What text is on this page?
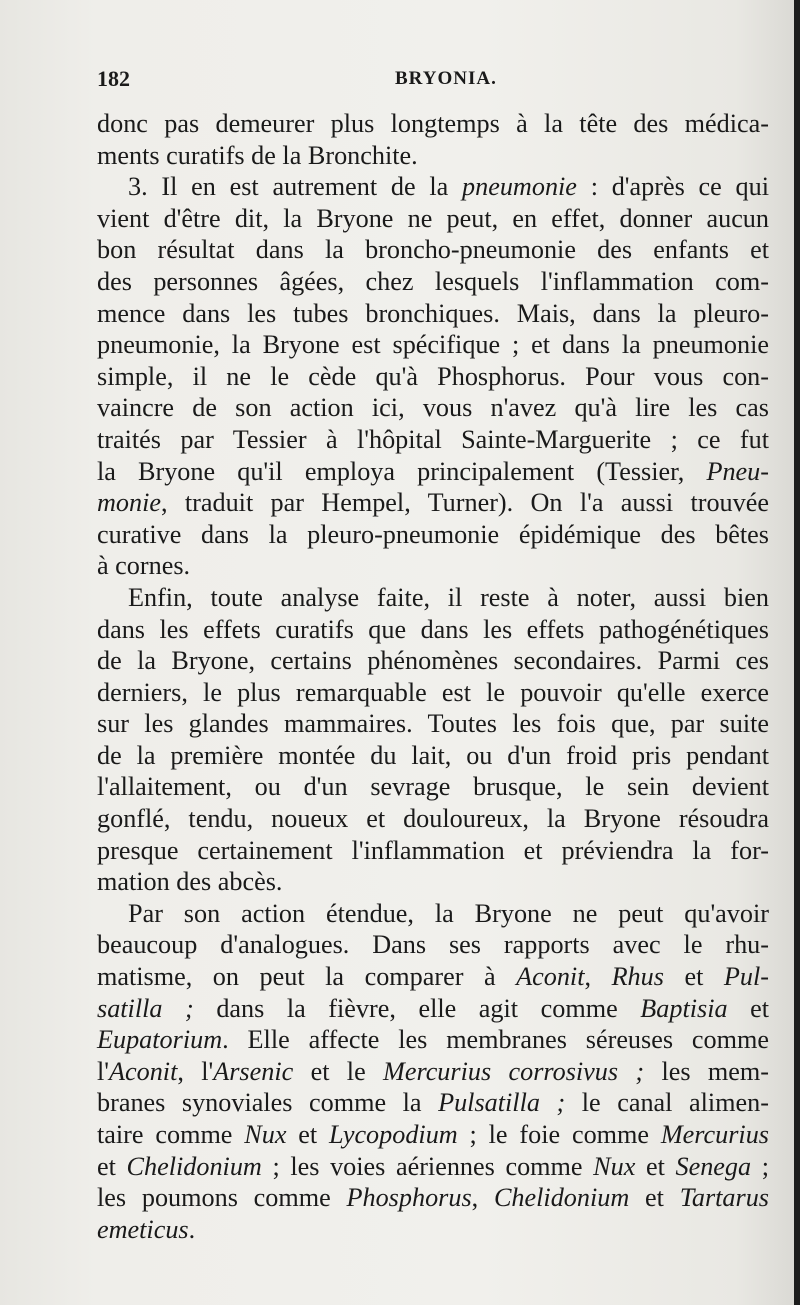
182	BRYONIA.
donc pas demeurer plus longtemps à la tête des médica-
ments curatifs de la Bronchite.
3. Il en est autrement de la pneumonie : d'après ce qui
vient d'être dit, la Bryone ne peut, en effet, donner aucun
bon résultat dans la broncho-pneumonie des enfants et
des personnes âgées, chez lesquels l'inflammation com-
mence dans les tubes bronchiques. Mais, dans la pleuro-
pneumonie, la Bryone est spécifique ; et dans la pneumonie
simple, il ne le cède qu'à Phosphorus. Pour vous con-
vaincre de son action ici, vous n'avez qu'à lire les cas
traités par Tessier à l'hôpital Sainte-Marguerite ; ce fut
la Bryone qu'il employa principalement (Tessier, Pneu-
monie, traduit par Hempel, Turner). On l'a aussi trouvée
curative dans la pleuro-pneumonie épidémique des bêtes
à cornes.
Enfin, toute analyse faite, il reste à noter, aussi bien
dans les effets curatifs que dans les effets pathogénétiques
de la Bryone, certains phénomènes secondaires. Parmi ces
derniers, le plus remarquable est le pouvoir qu'elle exerce
sur les glandes mammaires. Toutes les fois que, par suite
de la première montée du lait, ou d'un froid pris pendant
l'allaitement, ou d'un sevrage brusque, le sein devient
gonflé, tendu, noueux et douloureux, la Bryone résoudra
presque certainement l'inflammation et préviendra la for-
mation des abcès.
Par son action étendue, la Bryone ne peut qu'avoir
beaucoup d'analogues. Dans ses rapports avec le rhu-
matisme, on peut la comparer à Aconit, Rhus et Pul-
satilla ; dans la fièvre, elle agit comme Baptisia et
Eupatorium. Elle affecte les membranes séreuses comme
l'Aconit, l'Arsenic et le Mercurius corrosivus ; les mem-
branes synoviales comme la Pulsatilla ; le canal alimen-
taire comme Nux et Lycopodium ; le foie comme Mercurius
et Chelidonium ; les voies aériennes comme Nux et Senega ;
les poumons comme Phosphorus, Chelidonium et Tartarus
emeticus.
